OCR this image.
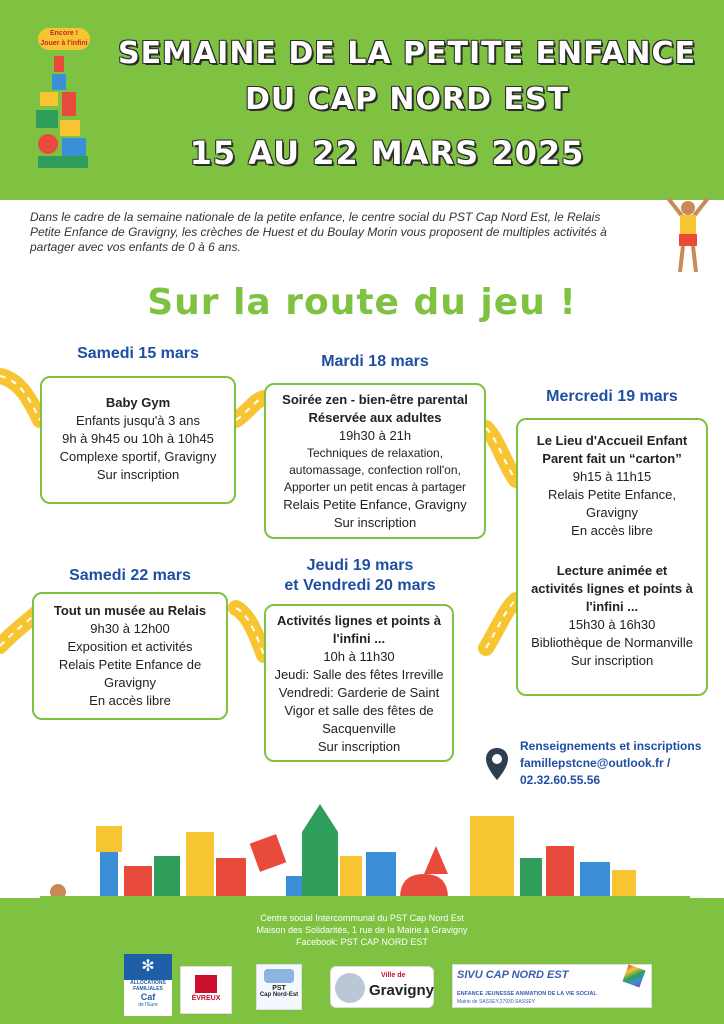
Encore !
Jouer à l'infini	SEMAINE DE LA PETITE ENFANCE
DU CAP NORD EST
15 AU 22 MARS 2025

Dans le cadre de la semaine nationale de la petite enfance, le centre social du PST Cap Nord Est, le Relais Petite Enfance de Gravigny, les crèches de Huest et du Boulay Morin vous proposent de multiples activités à partager avec vos enfants de 0 à 6 ans.

Sur la route du jeu !
Samedi 15 mars
Baby Gym
Enfants jusqu'à 3 ans
9h à 9h45 ou 10h à 10h45
Complexe sportif, Gravigny
Sur inscription
Mardi 18 mars
Soirée zen - bien-être parental
Réservée aux adultes
19h30 à 21h
Techniques de relaxation,
automassage, confection roll'on,
Apporter un petit encas à partager
Relais Petite Enfance, Gravigny
Sur inscription
Mercredi 19 mars
Le Lieu d'Accueil Enfant
Parent fait un “carton”
9h15 à 11h15
Relais Petite Enfance,
Gravigny
En accès libre
Lecture animée et
activités lignes et points à
l'infini ...
15h30 à 16h30
Bibliothèque de Normanville
Sur inscription
Samedi 22 mars
Tout un musée au Relais
9h30 à 12h00
Exposition et activités
Relais Petite Enfance de
Gravigny
En accès libre
Jeudi 19 mars
et Vendredi 20 mars
Activités lignes et points à
l'infini ...
10h à 11h30
Jeudi: Salle des fêtes Irreville
Vendredi: Garderie de Saint
Vigor et salle des fêtes de
Sacquenville
Sur inscription	Renseignements et inscriptions
famillepstcne@outlook.fr /
02.32.60.55.56
Centre social Intercommunal du PST Cap Nord Est
Maison des Solidarités, 1 rue de la Mairie à Gravigny
Facebook: PST CAP NORD EST
✻
ALLOCATIONS
FAMILIALES
Caf
de l'Eure
ÉVREUX
PST
Cap Nord-Est
Ville de
Gravigny
SIVU CAP NORD EST
ENFANCE JEUNESSE ANIMATION DE LA VIE SOCIAL
Mairie de SASSEY,27930.SASSEY
